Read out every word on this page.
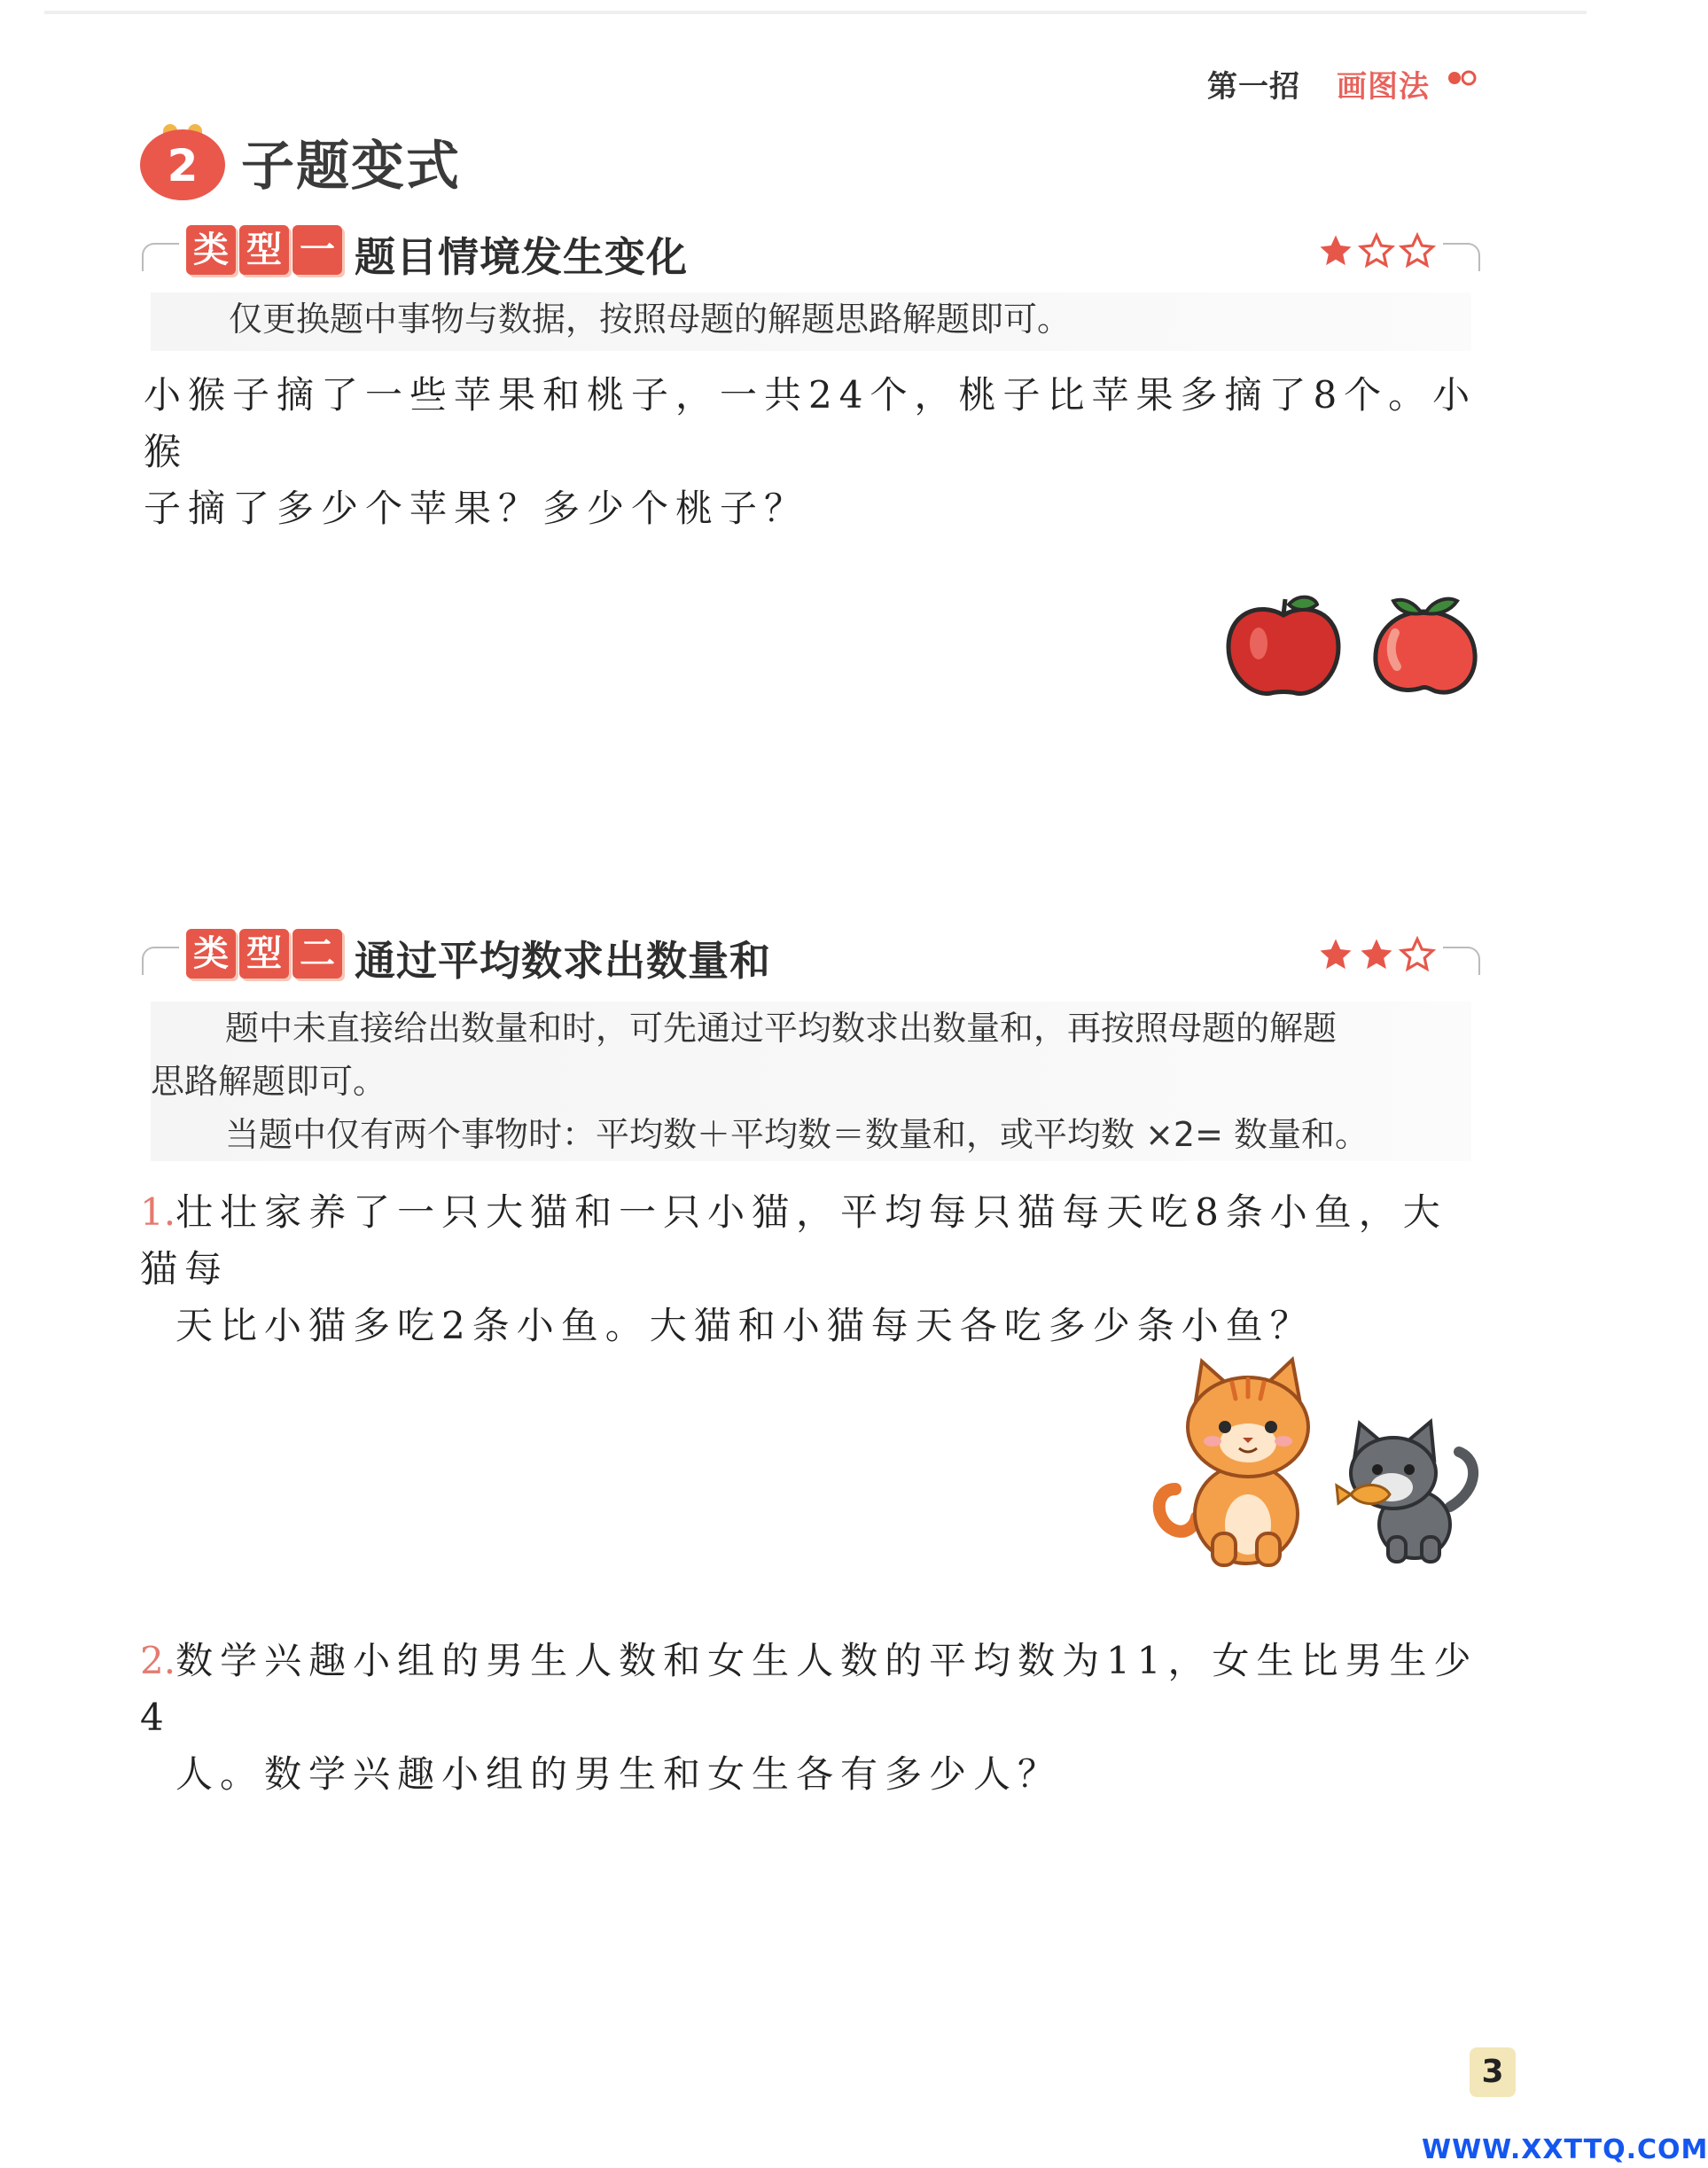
第一招 画图法
2 子题变式
类 型 一 题目情境发生变化

仅更换题中事物与数据，按照母题的解题思路解题即可。

小猴子摘了一些苹果和桃子，一共24个，桃子比苹果多摘了8个。小猴
子摘了多少个苹果？多少个桃子？
类 型 二 通过平均数求出数量和

题中未直接给出数量和时，可先通过平均数求出数量和，再按照母题的解题

思路解题即可。

当题中仅有两个事物时：平均数＋平均数＝数量和，或平均数 ×2= 数量和。

1.壮壮家养了一只大猫和一只小猫，平均每只猫每天吃8条小鱼，大猫每
天比小猫多吃2条小鱼。大猫和小猫每天各吃多少条小鱼？
2.数学兴趣小组的男生人数和女生人数的平均数为11，女生比男生少4
人。数学兴趣小组的男生和女生各有多少人？
3
WWW.XXTTQ.COM
